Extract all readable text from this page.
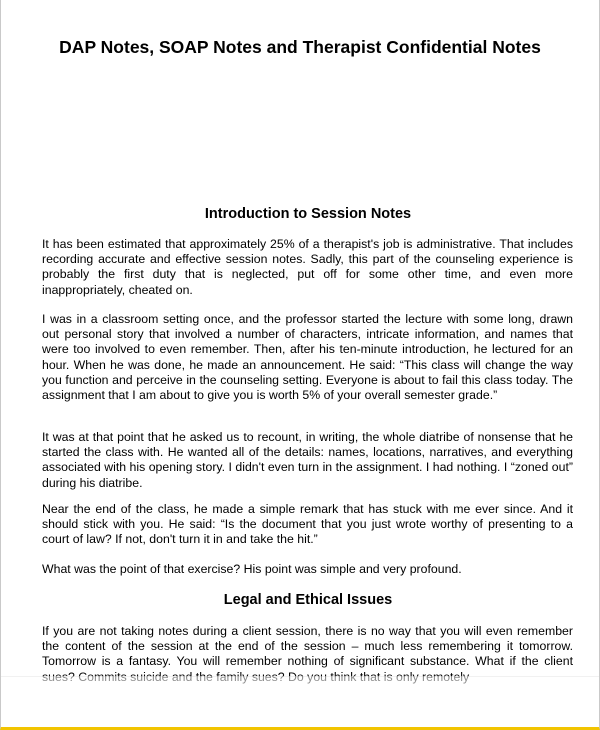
DAP Notes, SOAP Notes and Therapist Confidential Notes
Introduction to Session Notes

It has been estimated that approximately 25% of a therapist's job is administrative. That includes recording accurate and effective session notes. Sadly, this part of the counseling experience is probably the first duty that is neglected, put off for some other time, and even more inappropriately, cheated on.

I was in a classroom setting once, and the professor started the lecture with some long, drawn out personal story that involved a number of characters, intricate information, and names that were too involved to even remember. Then, after his ten-minute introduction, he lectured for an hour. When he was done, he made an announcement. He said: “This class will change the way you function and perceive in the counseling setting. Everyone is about to fail this class today. The assignment that I am about to give you is worth 5% of your overall semester grade.”

It was at that point that he asked us to recount, in writing, the whole diatribe of nonsense that he started the class with. He wanted all of the details: names, locations, narratives, and everything associated with his opening story. I didn't even turn in the assignment. I had nothing. I “zoned out” during his diatribe.

Near the end of the class, he made a simple remark that has stuck with me ever since. And it should stick with you. He said: “Is the document that you just wrote worthy of presenting to a court of law? If not, don't turn it in and take the hit.”

What was the point of that exercise? His point was simple and very profound.

Legal and Ethical Issues

If you are not taking notes during a client session, there is no way that you will even remember the content of the session at the end of the session – much less remembering it tomorrow. Tomorrow is a fantasy. You will remember nothing of significant substance. What if the client
